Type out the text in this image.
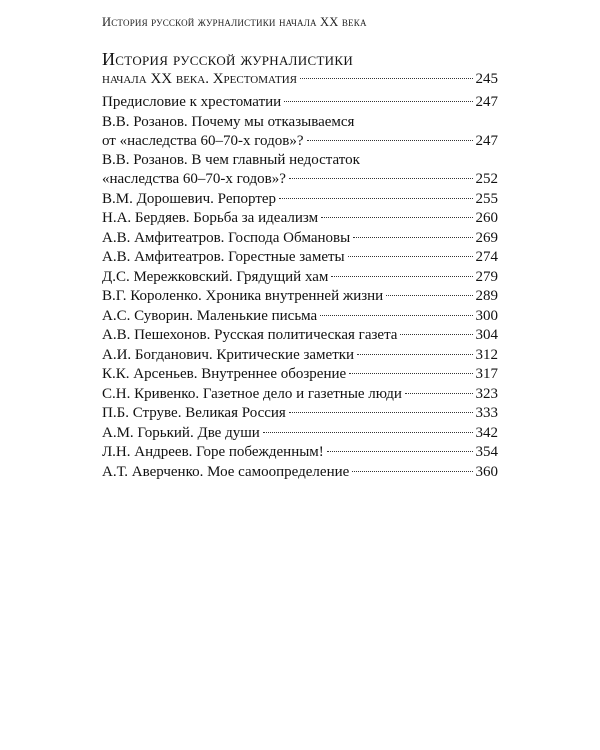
История русской журналистики начала XX века
История русской журналистики
начала XX века. Хрестоматия	245
Предисловие к хрестоматии	247
В.В. Розанов. Почему мы отказываемся
от «наследства 60–70-х годов»?	247
В.В. Розанов. В чем главный недостаток
«наследства 60–70-х годов»?	252
В.М. Дорошевич. Репортер	255
Н.А. Бердяев. Борьба за идеализм	260
А.В. Амфитеатров. Господа Обмановы	269
А.В. Амфитеатров. Горестные заметы	274
Д.С. Мережковский. Грядущий хам	279
В.Г. Короленко. Хроника внутренней жизни	289
А.С. Суворин. Маленькие письма	300
А.В. Пешехонов. Русская политическая газета	304
А.И. Богданович. Критические заметки	312
К.К. Арсеньев. Внутреннее обозрение	317
С.Н. Кривенко. Газетное дело и газетные люди	323
П.Б. Струве. Великая Россия	333
А.М. Горький. Две души	342
Л.Н. Андреев. Горе побежденным!	354
А.Т. Аверченко. Мое самоопределение	360
